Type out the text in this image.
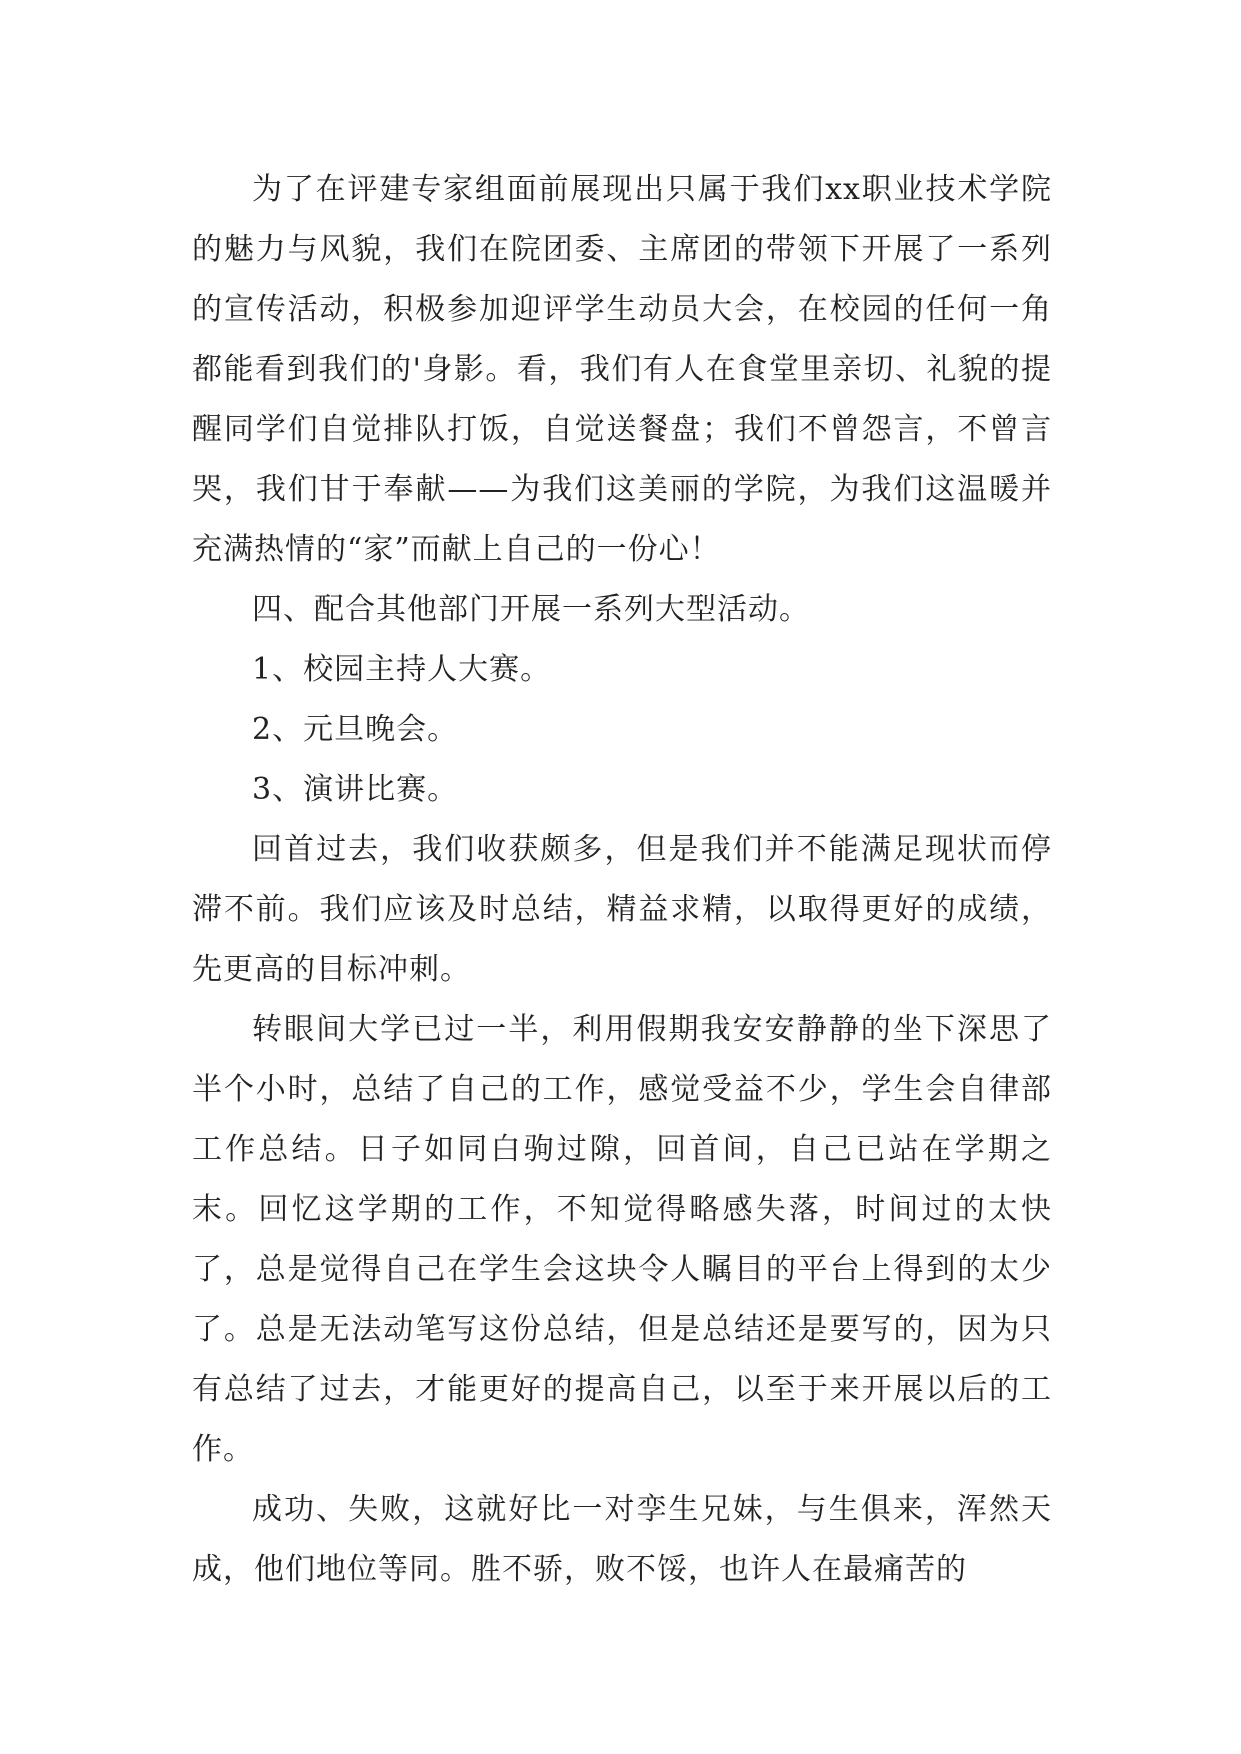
为了在评建专家组面前展现出只属于我们xx职业技术学院的魅力与风貌，我们在院团委、主席团的带领下开展了一系列的宣传活动，积极参加迎评学生动员大会，在校园的任何一角都能看到我们的'身影。看，我们有人在食堂里亲切、礼貌的提醒同学们自觉排队打饭，自觉送餐盘；我们不曾怨言，不曾言哭，我们甘于奉献——为我们这美丽的学院，为我们这温暖并充满热情的“家”而献上自己的一份心！

四、配合其他部门开展一系列大型活动。

1、校园主持人大赛。

2、元旦晚会。

3、演讲比赛。

回首过去，我们收获颇多，但是我们并不能满足现状而停滞不前。我们应该及时总结，精益求精，以取得更好的成绩，先更高的目标冲刺。

转眼间大学已过一半，利用假期我安安静静的坐下深思了半个小时，总结了自己的工作，感觉受益不少，学生会自律部工作总结。日子如同白驹过隙，回首间，自己已站在学期之末。回忆这学期的工作，不知觉得略感失落，时间过的太快了，总是觉得自己在学生会这块令人瞩目的平台上得到的太少了。总是无法动笔写这份总结，但是总结还是要写的，因为只有总结了过去，才能更好的提高自己，以至于来开展以后的工作。

成功、失败，这就好比一对孪生兄妹，与生俱来，浑然天成，他们地位等同。胜不骄，败不馁，也许人在最痛苦的
